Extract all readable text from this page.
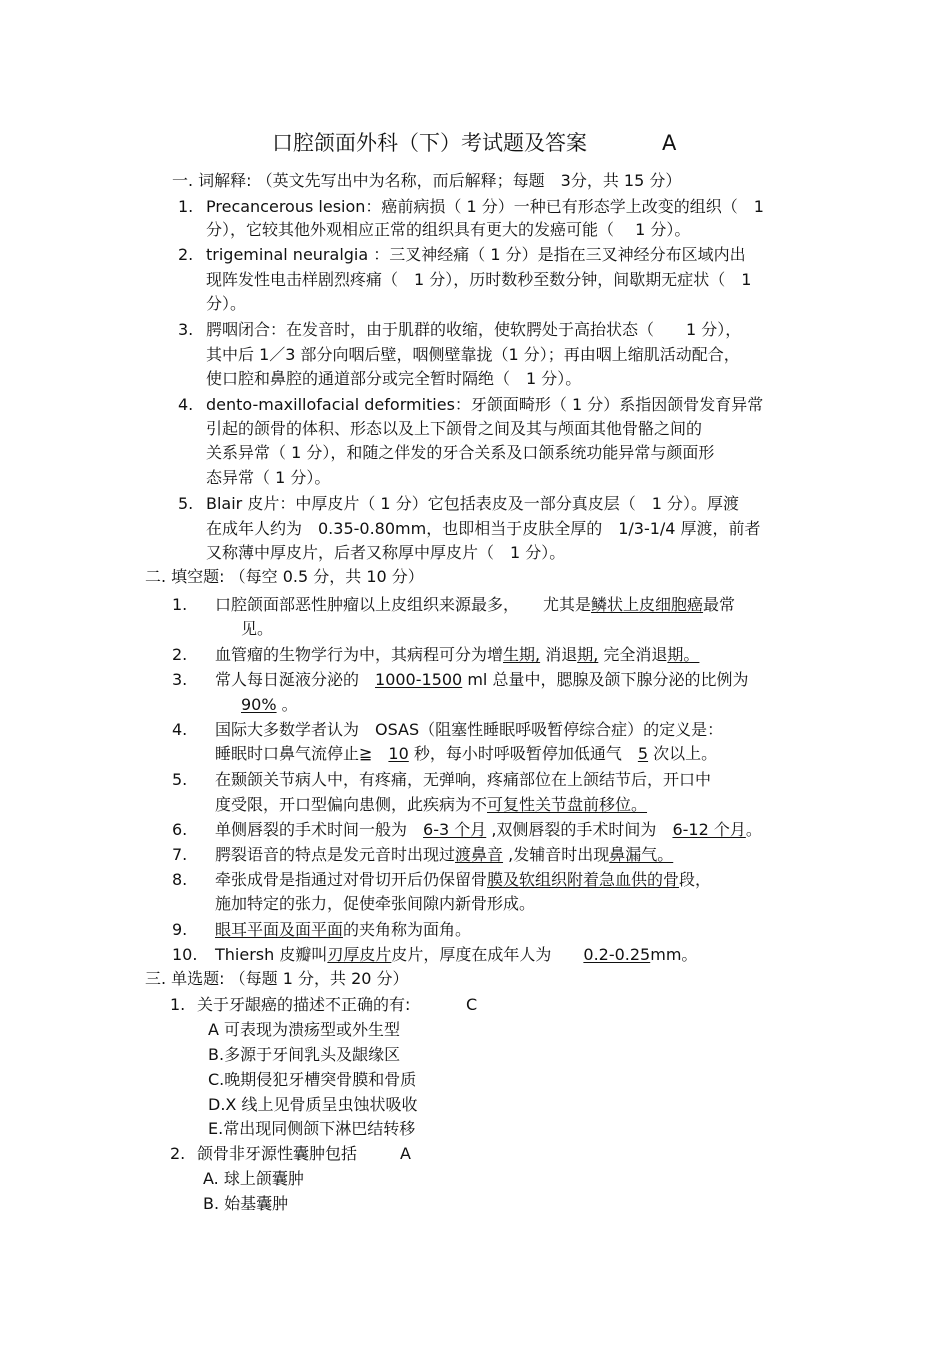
口腔颌面外科（下）考试题及答案	A
一. 词解释: （英文先写出中为名称，而后解释；每题　3分，共 15 分）
1. Precancerous lesion：癌前病损（ 1 分）一种已有形态学上改变的组织（　1
分），它较其他外观相应正常的组织具有更大的发癌可能（　 1 分）。
2. trigeminal neuralgia ：三叉神经痛（ 1 分）是指在三叉神经分布区域内出
现阵发性电击样剧烈疼痛（　1 分），历时数秒至数分钟，间歇期无症状（　1
分）。
3. 腭咽闭合：在发音时，由于肌群的收缩，使软腭处于高抬状态（　　1 分），
其中后 1／3 部分向咽后壁，咽侧壁靠拢（1 分）；再由咽上缩肌活动配合，
使口腔和鼻腔的通道部分或完全暂时隔绝（　1 分）。
4. dento-maxillofacial deformities：牙颌面畸形（ 1 分）系指因颌骨发育异常
引起的颌骨的体积、形态以及上下颌骨之间及其与颅面其他骨骼之间的
关系异常（ 1 分），和随之伴发的牙合关系及口颌系统功能异常与颜面形
态异常（ 1 分）。
5. Blair 皮片：中厚皮片（ 1 分）它包括表皮及一部分真皮层（　1 分）。厚渡
在成年人约为　0.35-0.80mm，也即相当于皮肤全厚的　1/3-1/4 厚渡，前者
又称薄中厚皮片，后者又称厚中厚皮片（　1 分）。
二. 填空题: （每空 0.5 分，共 10 分）
1. 口腔颌面部恶性肿瘤以上皮组织来源最多，　　尤其是鳞状上皮细胞癌最常
见。
2. 血管瘤的生物学行为中，其病程可分为增生期, 消退期, 完全消退期。
3. 常人每日涎液分泌的　1000-1500 ml 总量中，腮腺及颌下腺分泌的比例为
90% 。
4. 国际大多数学者认为　OSAS（阻塞性睡眠呼吸暂停综合症）的定义是：
睡眠时口鼻气流停止≧　10 秒，每小时呼吸暂停加低通气　5 次以上。
5. 在颞颌关节病人中，有疼痛，无弹响，疼痛部位在上颌结节后，开口中
度受限，开口型偏向患侧，此疾病为不可复性关节盘前移位。
6. 单侧唇裂的手术时间一般为　6-3 个月 ,双侧唇裂的手术时间为　6-12 个月。
7. 腭裂语音的特点是发元音时出现过渡鼻音 ,发辅音时出现鼻漏气。
8. 牵张成骨是指通过对骨切开后仍保留骨膜及软组织附着急血供的骨段，
施加特定的张力，促使牵张间隙内新骨形成。
9. 眼耳平面及面平面的夹角称为面角。
10. Thiersh 皮瓣叫刃厚皮片皮片，厚度在成年人为　　0.2-0.25mm。
三. 单选题: （每题 1 分，共 20 分）
1. 关于牙龈癌的描述不正确的有:	C
A 可表现为溃疡型或外生型
B.多源于牙间乳头及龈缘区
C.晚期侵犯牙槽突骨膜和骨质
D.X 线上见骨质呈虫蚀状吸收
E.常出现同侧颌下淋巴结转移
2. 颌骨非牙源性囊肿包括	A
A. 球上颌囊肿
B. 始基囊肿
